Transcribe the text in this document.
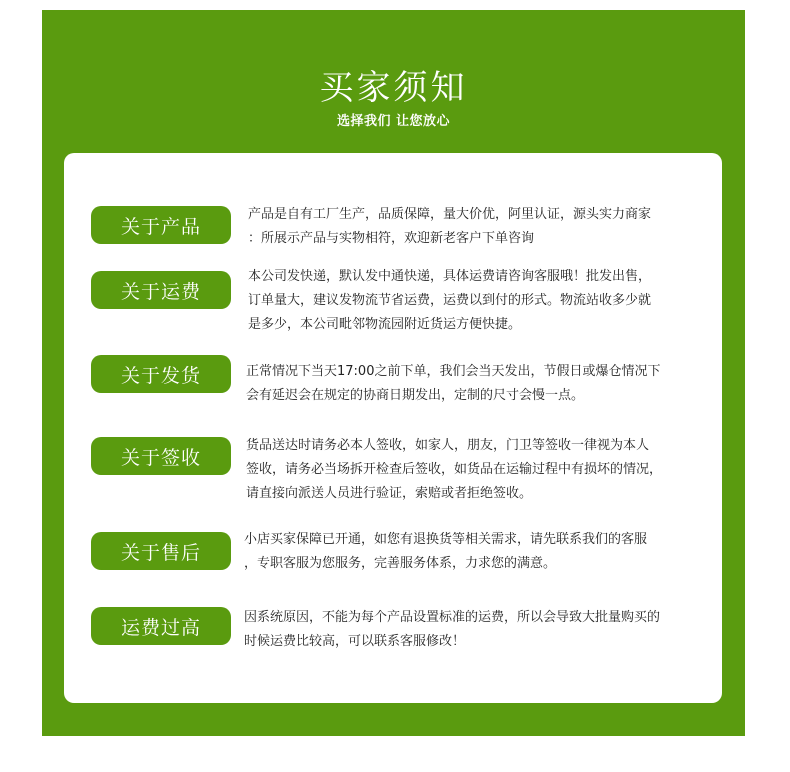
买家须知
选择我们 让您放心
关于产品
产品是自有工厂生产，品质保障，量大价优，阿里认证，源头实力商家
：所展示产品与实物相符，欢迎新老客户下单咨询
关于运费
本公司发快递，默认发中通快递，具体运费请咨询客服哦！批发出售，
订单量大，建议发物流节省运费，运费以到付的形式。物流站收多少就
是多少，本公司毗邻物流园附近货运方便快捷。
关于发货	正常情况下当天17:00之前下单，我们会当天发出，节假日或爆仓情况下
会有延迟会在规定的协商日期发出，定制的尺寸会慢一点。
关于签收
货品送达时请务必本人签收，如家人，朋友，门卫等签收一律视为本人
签收，请务必当场拆开检查后签收，如货品在运输过程中有损坏的情况，
请直接向派送人员进行验证，索赔或者拒绝签收。
关于售后
小店买家保障已开通，如您有退换货等相关需求，请先联系我们的客服
，专职客服为您服务，完善服务体系，力求您的满意。
运费过高	因系统原因，不能为每个产品设置标准的运费，所以会导致大批量购买的
时候运费比较高，可以联系客服修改！
